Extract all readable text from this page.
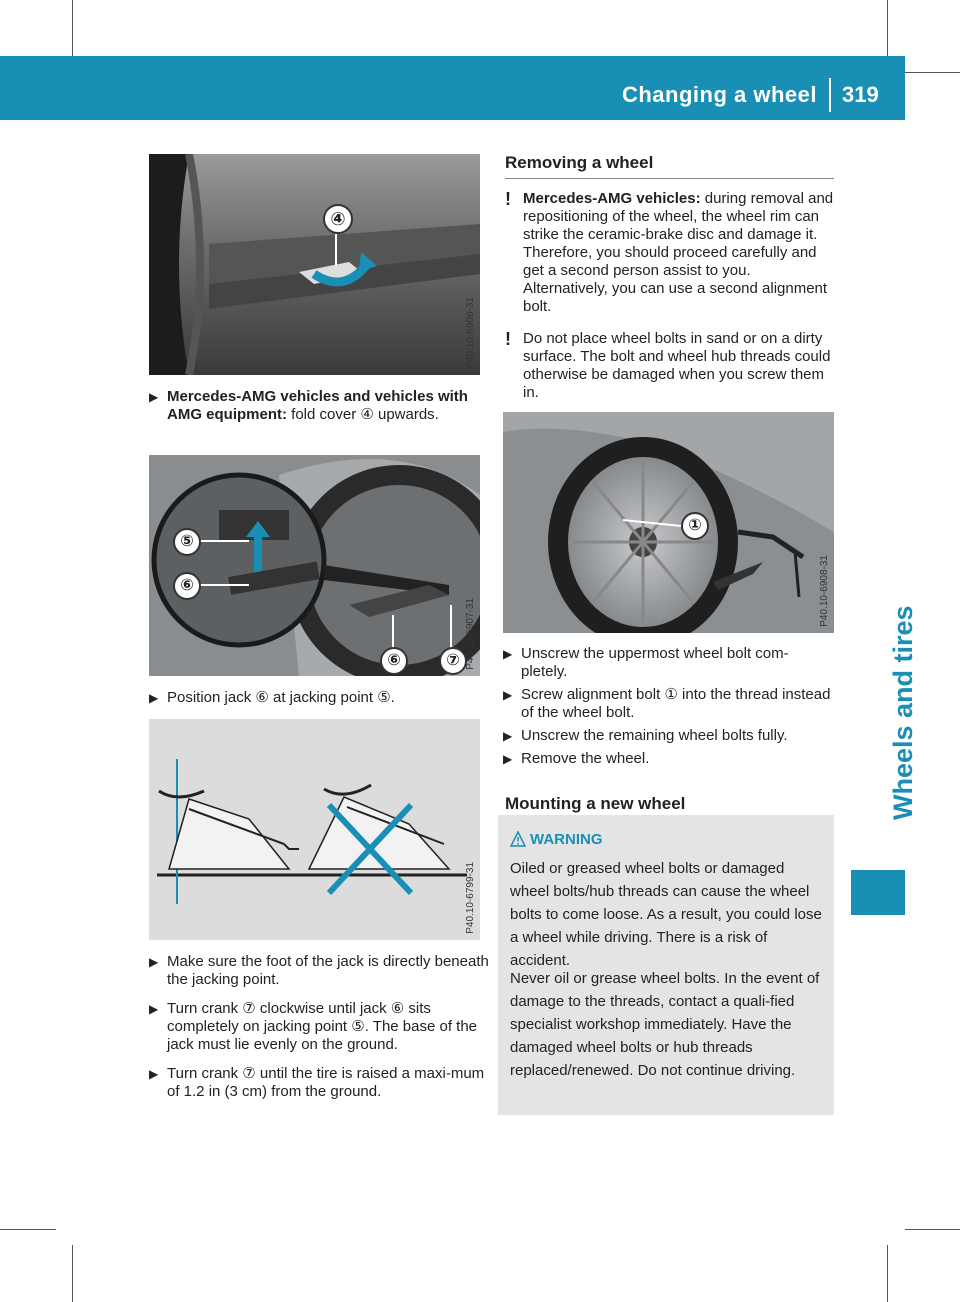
Changing a wheel 319
Wheels and tires
④
P40.10-6906-31
▶ Mercedes-AMG vehicles and vehicles with AMG equipment: fold cover ④ upwards.
⑤
⑥
⑥	⑦ P40.10-6907-31
▶ Position jack ⑥ at jacking point ⑤.
P40.10-6799-31
▶ Make sure the foot of the jack is directly beneath the jacking point.
▶ Turn crank ⑦ clockwise until jack ⑥ sits completely on jacking point ⑤. The base of the jack must lie evenly on the ground.
▶ Turn crank ⑦ until the tire is raised a maxi-mum of 1.2 in (3 cm) from the ground.
Removing a wheel
! Mercedes-AMG vehicles: during removal and repositioning of the wheel, the wheel rim can strike the ceramic-brake disc and damage it. Therefore, you should proceed carefully and get a second person assist to you. Alternatively, you can use a second alignment bolt.
! Do not place wheel bolts in sand or on a dirty surface. The bolt and wheel hub threads could otherwise be damaged when you screw them in.
①
P40.10-6908-31
▶ Unscrew the uppermost wheel bolt com-pletely.
▶ Screw alignment bolt ① into the thread instead of the wheel bolt.
▶ Unscrew the remaining wheel bolts fully.
▶ Remove the wheel.
Mounting a new wheel
WARNING
Oiled or greased wheel bolts or damaged wheel bolts/hub threads can cause the wheel bolts to come loose. As a result, you could lose a wheel while driving. There is a risk of accident.
Never oil or grease wheel bolts. In the event of damage to the threads, contact a quali-fied specialist workshop immediately. Have the damaged wheel bolts or hub threads replaced/renewed. Do not continue driving.
